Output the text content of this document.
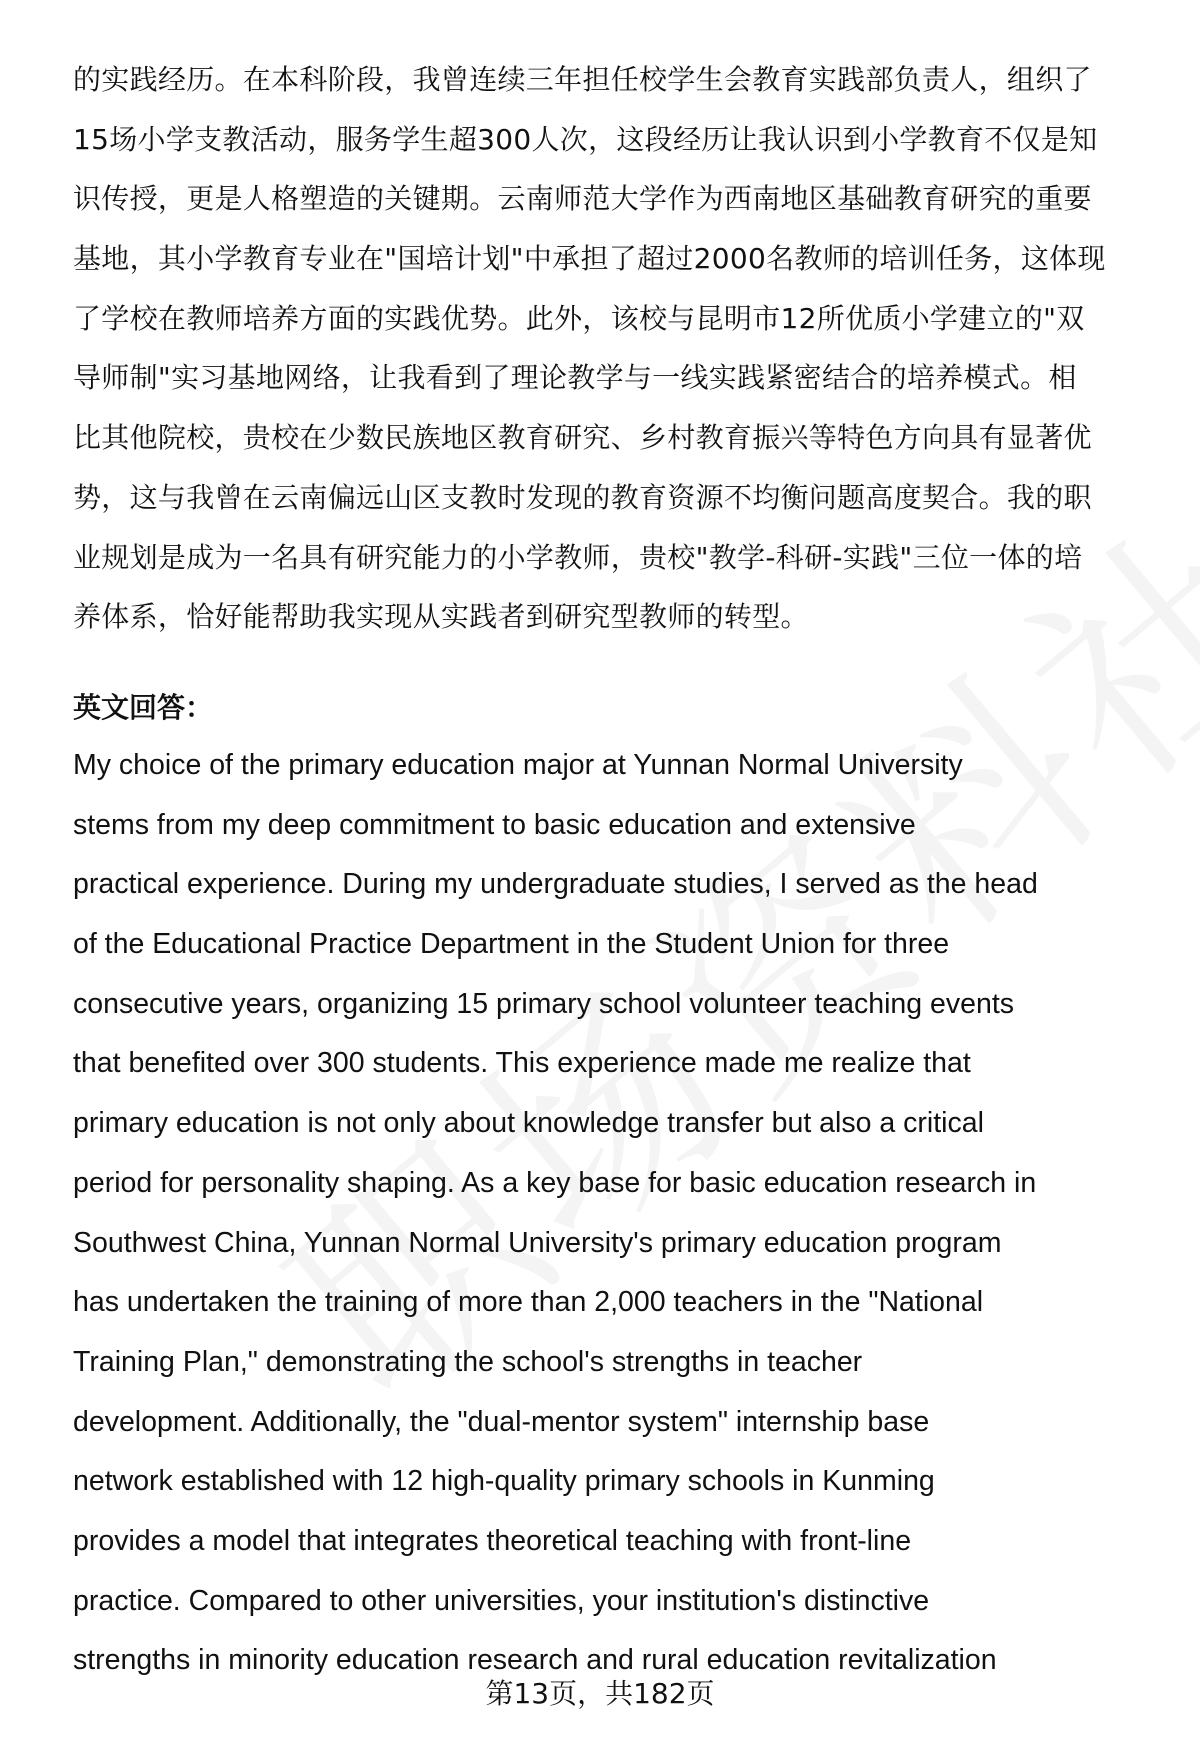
的实践经历。在本科阶段，我曾连续三年担任校学生会教育实践部负责人，组织了
15场小学支教活动，服务学生超300人次，这段经历让我认识到小学教育不仅是知
识传授，更是人格塑造的关键期。云南师范大学作为西南地区基础教育研究的重要
基地，其小学教育专业在"国培计划"中承担了超过2000名教师的培训任务，这体现
了学校在教师培养方面的实践优势。此外，该校与昆明市12所优质小学建立的"双
导师制"实习基地网络，让我看到了理论教学与一线实践紧密结合的培养模式。相
比其他院校，贵校在少数民族地区教育研究、乡村教育振兴等特色方向具有显著优
势，这与我曾在云南偏远山区支教时发现的教育资源不均衡问题高度契合。我的职
业规划是成为一名具有研究能力的小学教师，贵校"教学-科研-实践"三位一体的培
养体系，恰好能帮助我实现从实践者到研究型教师的转型。
英文回答：
My choice of the primary education major at Yunnan Normal University
stems from my deep commitment to basic education and extensive
practical experience. During my undergraduate studies, I served as the head
of the Educational Practice Department in the Student Union for three
consecutive years, organizing 15 primary school volunteer teaching events
that benefited over 300 students. This experience made me realize that
primary education is not only about knowledge transfer but also a critical
period for personality shaping. As a key base for basic education research in
Southwest China, Yunnan Normal University's primary education program
has undertaken the training of more than 2,000 teachers in the "National
Training Plan," demonstrating the school's strengths in teacher
development. Additionally, the "dual-mentor system" internship base
network established with 12 high-quality primary schools in Kunming
provides a model that integrates theoretical teaching with front-line
practice. Compared to other universities, your institution's distinctive
strengths in minority education research and rural education revitalization
第13页，共182页
